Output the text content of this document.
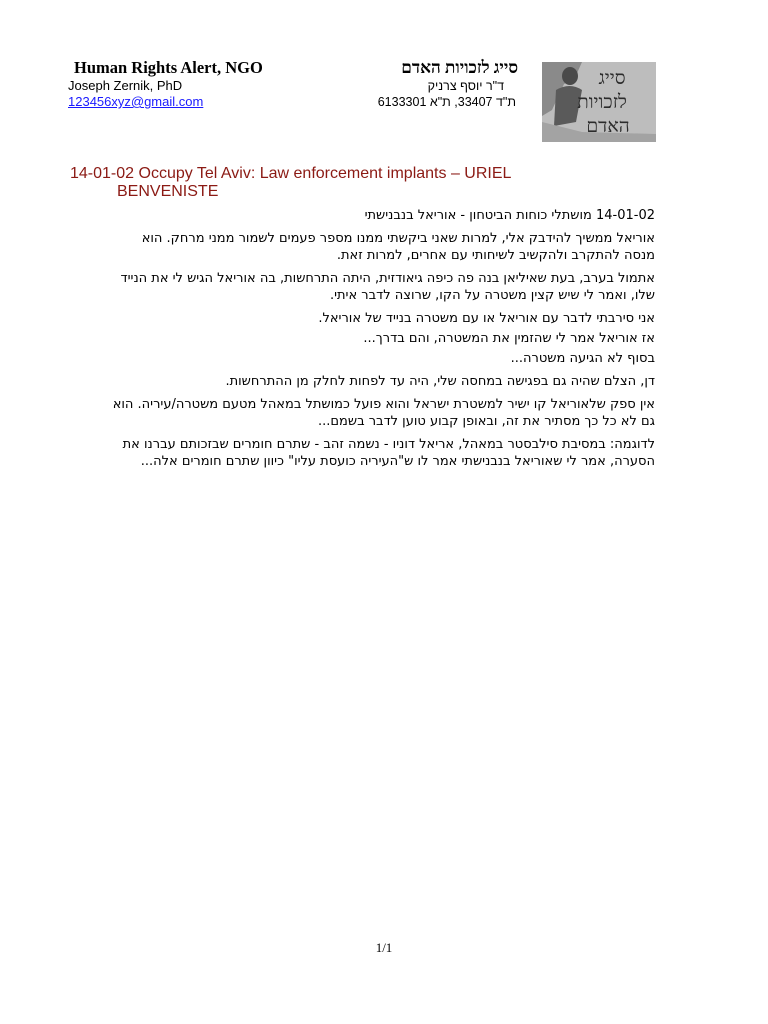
Human Rights Alert, NGO
Joseph Zernik, PhD
123456xyz@gmail.com
סייג לזכויות האדם
ד"ר יוסף צרניק
ת"ד 33407, ת"א 6133301
סייג
לזכויות
האדם
14-01-02 Occupy Tel Aviv: Law enforcement implants – URIEL
BENVENISTE

14-01-02 מושתלי כוחות הביטחון - אוריאל בנבנישתי

אוריאל ממשיך להידבק אלי, למרות שאני ביקשתי ממנו מספר פעמים לשמור ממני מרחק. הוא מנסה להתקרב ולהקשיב לשיחותי עם אחרים, למרות זאת.

אתמול בערב, בעת שאיליאן בנה פה כיפה גיאודזית, היתה התרחשות, בה אוריאל הגיש לי את הנייד שלו, ואמר לי שיש קצין משטרה על הקו, שרוצה לדבר איתי.

אני סירבתי לדבר עם אוריאל או עם משטרה בנייד של אוריאל.

אז אוריאל אמר לי שהזמין את המשטרה, והם בדרך...

בסוף לא הגיעה משטרה...

דן, הצלם שהיה גם בפגישה במחסה שלי, היה עד לפחות לחלק מן ההתרחשות.

אין ספק שלאוריאל קו ישיר למשטרת ישראל והוא פועל כמושתל במאהל מטעם משטרה/עיריה. הוא גם לא כל כך מסתיר את זה, ובאופן קבוע טוען לדבר בשמם...

לדוגמה: במסיבת סילבסטר במאהל, אריאל דוניו - נשמה זהב - שתרם חומרים שבזכותם עברנו את הסערה, אמר לי שאוריאל בנבנישתי אמר לו ש"העיריה כועסת עליו" כיוון שתרם חומרים אלה...

1/1
